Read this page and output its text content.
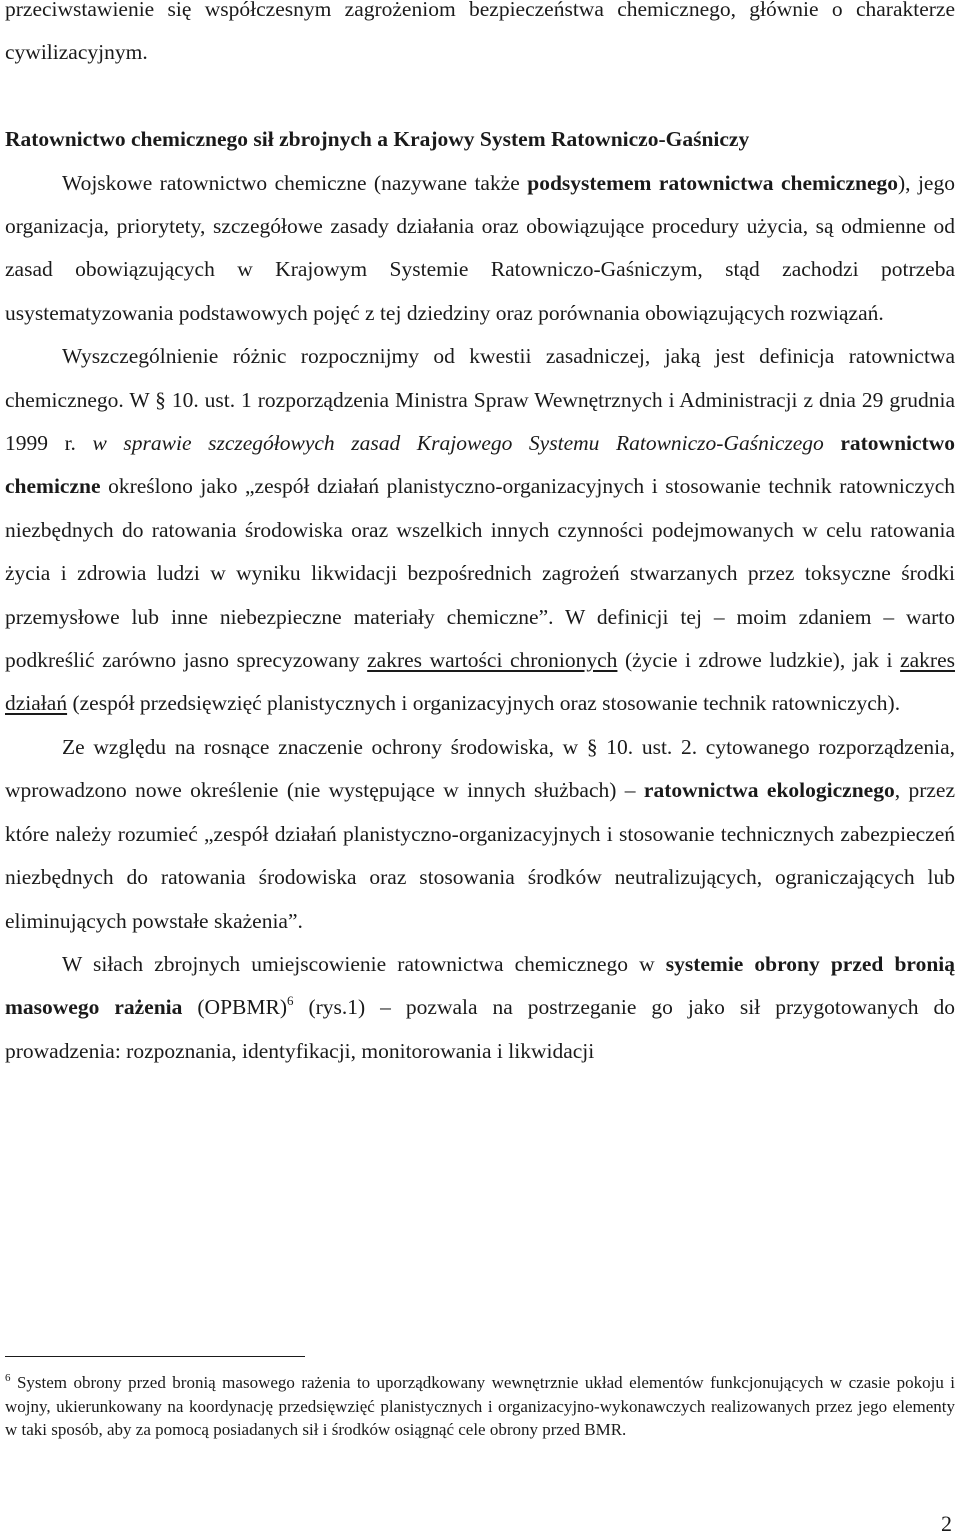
przeciwstawienie się współczesnym zagrożeniom bezpieczeństwa chemicznego, głównie o charakterze cywilizacyjnym.

Ratownictwo chemicznego sił zbrojnych a Krajowy System Ratowniczo-Gaśniczy

Wojskowe ratownictwo chemiczne (nazywane także podsystemem ratownictwa chemicznego), jego organizacja, priorytety, szczegółowe zasady działania oraz obowiązujące procedury użycia, są odmienne od zasad obowiązujących w Krajowym Systemie Ratowniczo-Gaśniczym, stąd zachodzi potrzeba usystematyzowania podstawowych pojęć z tej dziedziny oraz porównania obowiązujących rozwiązań.

Wyszczególnienie różnic rozpocznijmy od kwestii zasadniczej, jaką jest definicja ratownictwa chemicznego. W § 10. ust. 1 rozporządzenia Ministra Spraw Wewnętrznych i Administracji z dnia 29 grudnia 1999 r. w sprawie szczegółowych zasad Krajowego Systemu Ratowniczo-Gaśniczego ratownictwo chemiczne określono jako „zespół działań planistyczno-organizacyjnych i stosowanie technik ratowniczych niezbędnych do ratowania środowiska oraz wszelkich innych czynności podejmowanych w celu ratowania życia i zdrowia ludzi w wyniku likwidacji bezpośrednich zagrożeń stwarzanych przez toksyczne środki przemysłowe lub inne niebezpieczne materiały chemiczne”. W definicji tej – moim zdaniem – warto podkreślić zarówno jasno sprecyzowany zakres wartości chronionych (życie i zdrowe ludzkie), jak i zakres działań (zespół przedsięwzięć planistycznych i organizacyjnych oraz stosowanie technik ratowniczych).

Ze względu na rosnące znaczenie ochrony środowiska, w § 10. ust. 2. cytowanego rozporządzenia, wprowadzono nowe określenie (nie występujące w innych służbach) – ratownictwa ekologicznego, przez które należy rozumieć „zespół działań planistyczno-organizacyjnych i stosowanie technicznych zabezpieczeń niezbędnych do ratowania środowiska oraz stosowania środków neutralizujących, ograniczających lub eliminujących powstałe skażenia”.

W siłach zbrojnych umiejscowienie ratownictwa chemicznego w systemie obrony przed bronią masowego rażenia (OPBMR)$^6$ (rys.1) – pozwala na postrzeganie go jako sił przygotowanych do prowadzenia: rozpoznania, identyfikacji, monitorowania i likwidacji

$^6$ System obrony przed bronią masowego rażenia to uporządkowany wewnętrznie układ elementów funkcjonujących w czasie pokoju i wojny, ukierunkowany na koordynację przedsięwzięć planistycznych i organizacyjno-wykonawczych realizowanych przez jego elementy w taki sposób, aby za pomocą posiadanych sił i środków osiągnąć cele obrony przed BMR.
2
